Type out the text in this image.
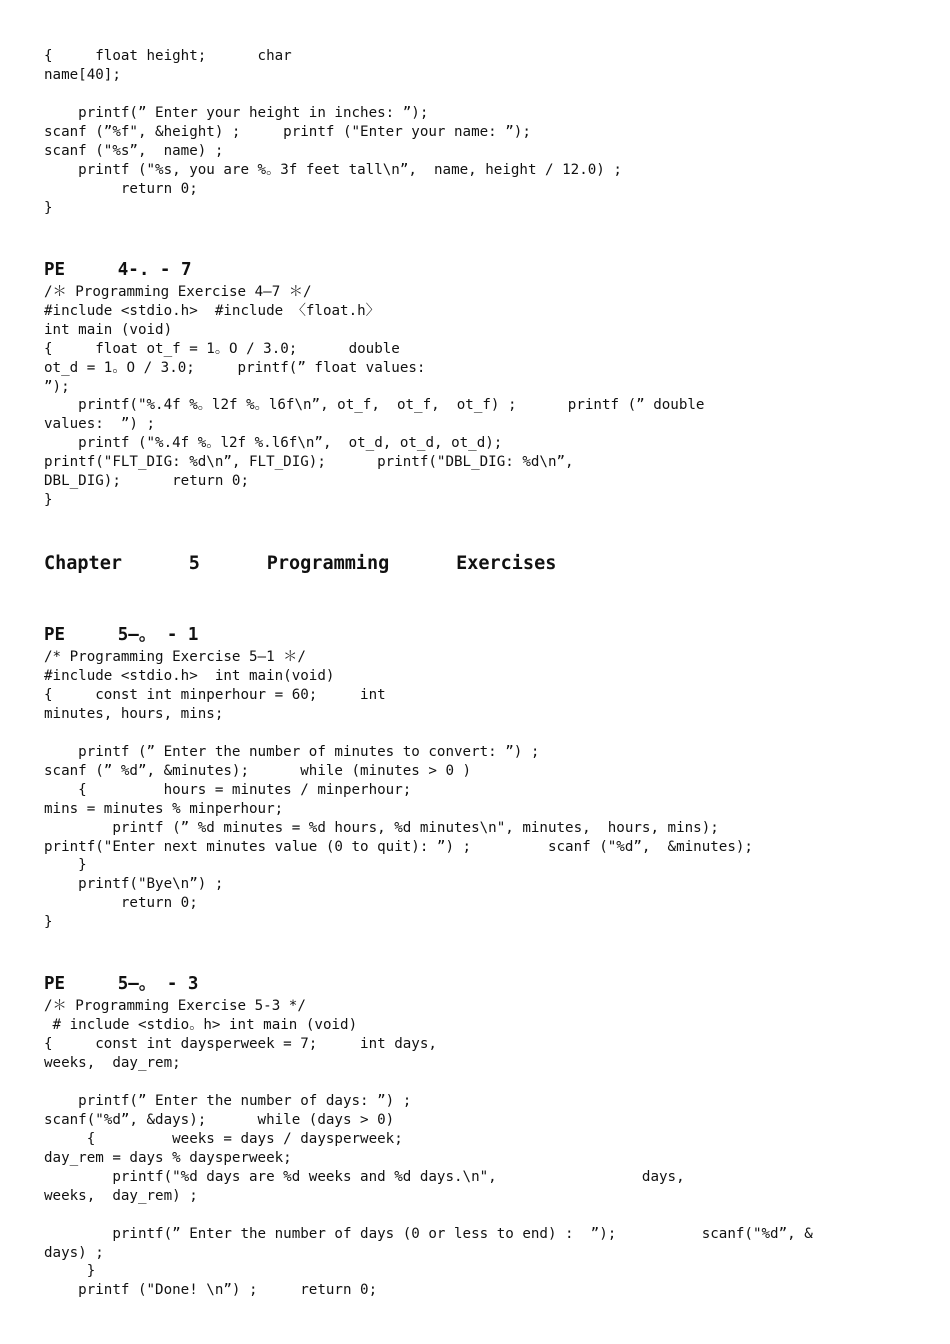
{     float height;      char

name[40];

printf(” Enter your height in inches: ”);

scanf (”%f", &height) ;     printf ("Enter your name: ”);

scanf ("%s”,  name) ;

printf ("%s, you are %。3f feet tall\n”,  name, height / 12.0) ;

return 0;

}

PE     4-. - 7

/＊ Programming Exercise 4—7 ＊/

#include <stdio.h>  #include 〈float.h〉

int main (void)

{     float ot_f = 1。O / 3.0;      double

ot_d = 1。O / 3.0;     printf(” float values:

”);

printf("%.4f %。l2f %。l6f\n”, ot_f,  ot_f,  ot_f) ;      printf (” double

values:  ”) ;

printf ("%.4f %。l2f %.l6f\n”,  ot_d, ot_d, ot_d);

printf("FLT_DIG: %d\n”, FLT_DIG);      printf("DBL_DIG: %d\n”,

DBL_DIG);      return 0;

}

Chapter      5      Programming      Exercises
PE     5—。 - 1

/* Programming Exercise 5—1 ＊/

#include <stdio.h>  int main(void)

{     const int minperhour = 60;     int

minutes, hours, mins;

printf (” Enter the number of minutes to convert: ”) ;

scanf (” %d”, &minutes);      while (minutes > 0 )

{         hours = minutes / minperhour;

mins = minutes % minperhour;

printf (” %d minutes = %d hours, %d minutes\n", minutes,  hours, mins);

printf("Enter next minutes value (0 to quit): ”) ;         scanf ("%d”,  &minutes);

}

printf("Bye\n”) ;

return 0;

}

PE     5—。 - 3

/＊ Programming Exercise 5-3 */

# include <stdio。h> int main (void)

{     const int daysperweek = 7;     int days,

weeks,  day_rem;

printf(” Enter the number of days: ”) ;

scanf("%d”, &days);      while (days > 0)

{         weeks = days / daysperweek;

day_rem = days % daysperweek;

printf("%d days are %d weeks and %d days.\n",                 days,

weeks,  day_rem) ;

printf(” Enter the number of days (0 or less to end) :  ”);          scanf("%d”, &

days) ;

}

printf ("Done! \n”) ;     return 0;
